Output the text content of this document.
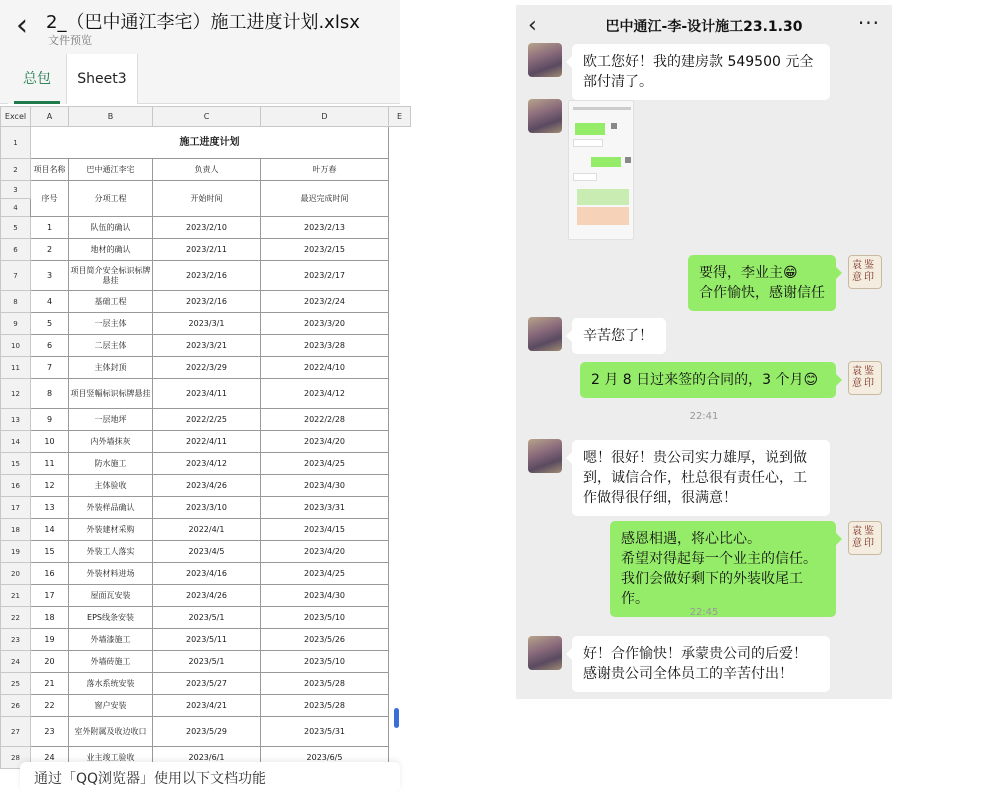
‹ 2_（巴中通江李宅）施工进度计划.xlsx
文件预览
总包	Sheet3
Excel	A	B	C	D	E
1	施工进度计划				
2	项目名称	巴中通江李宅	负责人	叶万春	
3	序号	分项工程	开始时间	最迟完成时间	
4					
5	1	队伍的确认	2023/2/10	2023/2/13	
6	2	地材的确认	2023/2/11	2023/2/15	
7	3	项目简介安全标识标牌悬挂	2023/2/16	2023/2/17	
8	4	基础工程	2023/2/16	2023/2/24	
9	5	一层主体	2023/3/1	2023/3/20	
10	6	二层主体	2023/3/21	2023/3/28	
11	7	主体封顶	2022/3/29	2022/4/10	
12	8	项目竖幅标识标牌悬挂	2023/4/11	2023/4/12	
13	9	一层地坪	2022/2/25	2022/2/28	
14	10	内外墙抹灰	2022/4/11	2023/4/20	
15	11	防水施工	2023/4/12	2023/4/25	
16	12	主体验收	2023/4/26	2023/4/30	
17	13	外装样品确认	2023/3/10	2023/3/31	
18	14	外装建材采购	2022/4/1	2023/4/15	
19	15	外装工人落实	2023/4/5	2023/4/20	
20	16	外装材料进场	2023/4/16	2023/4/25	
21	17	屋面瓦安装	2023/4/26	2023/4/30	
22	18	EPS线条安装	2023/5/1	2023/5/10	
23	19	外墙漆施工	2023/5/11	2023/5/26	
24	20	外墙砖施工	2023/5/1	2023/5/10	
25	21	落水系统安装	2023/5/27	2023/5/28	
26	22	窗户安装	2023/4/21	2023/5/28	
27	23	室外附属及收边收口	2023/5/29	2023/5/31	
28	24	业主竣工验收	2023/6/1	2023/6/5	
通过「QQ浏览器」使用以下文档功能
‹	巴中通江-李-设计施工23.1.30	···
欧工您好！我的建房款 549500 元全部付清了。
袁鉴意印
要得，李业主😁
合作愉快，感谢信任
辛苦您了！
袁鉴意印
2 月 8 日过来签的合同的，3 个月😊
22:41
嗯！很好！贵公司实力雄厚，说到做到，诚信合作，杜总很有责任心，工作做得很仔细，很满意！
袁鉴意印
感恩相遇，将心比心。
希望对得起每一个业主的信任。
我们会做好剩下的外装收尾工作。
22:45
好！合作愉快！承蒙贵公司的后爱！感谢贵公司全体员工的辛苦付出！
